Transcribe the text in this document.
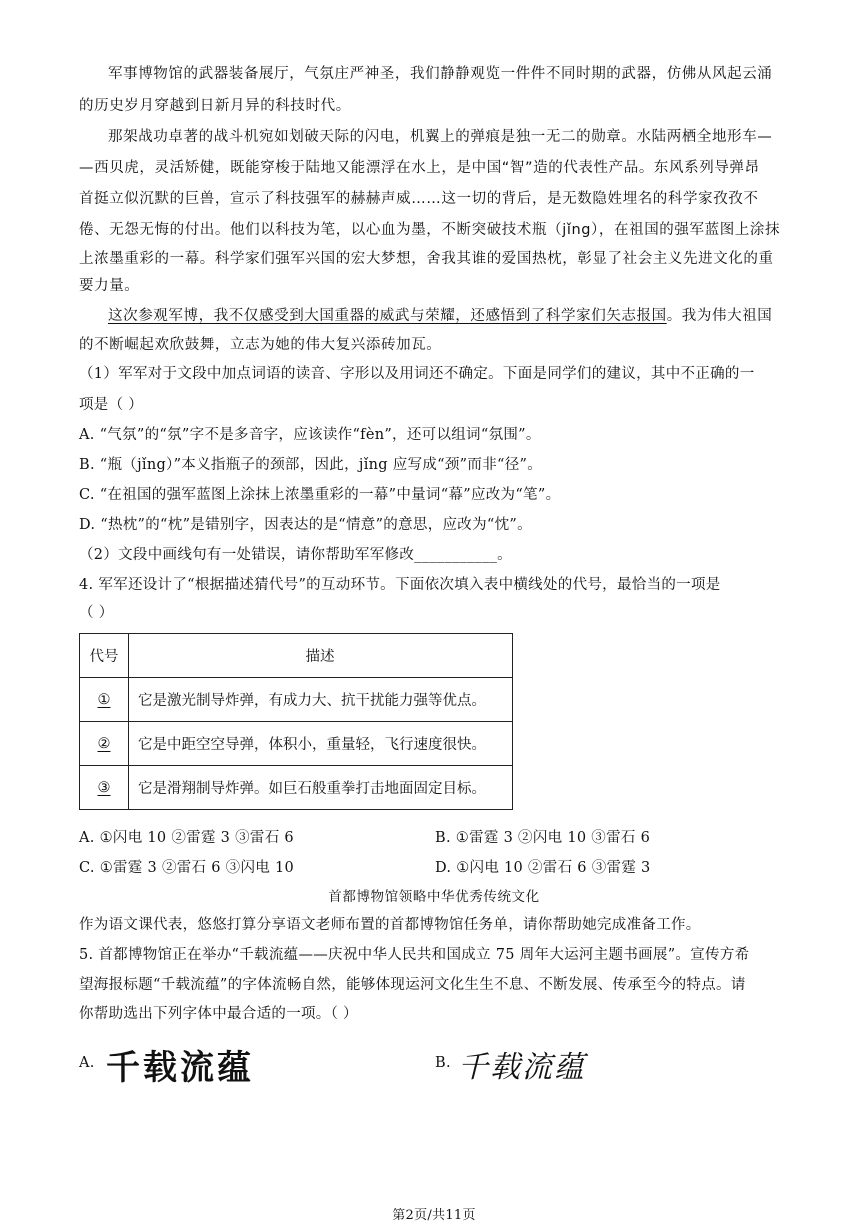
军事博物馆的武器装备展厅，气氛庄严神圣，我们静静观览一件件不同时期的武器，仿佛从风起云涌
的历史岁月穿越到日新月异的科技时代。
那架战功卓著的战斗机宛如划破天际的闪电，机翼上的弹痕是独一无二的勋章。水陆两栖全地形车—
—西贝虎，灵活矫健，既能穿梭于陆地又能漂浮在水上，是中国“智”造的代表性产品。东风系列导弹昂
首挺立似沉默的巨兽，宣示了科技强军的赫赫声威……这一切的背后，是无数隐姓埋名的科学家孜孜不
倦、无怨无悔的付出。他们以科技为笔，以心血为墨，不断突破技术瓶（jǐng），在祖国的强军蓝图上涂抹
上浓墨重彩的一幕。科学家们强军兴国的宏大梦想，舍我其谁的爱国热枕，彰显了社会主义先进文化的重
要力量。
这次参观军博，我不仅感受到大国重器的威武与荣耀，还感悟到了科学家们矢志报国。我为伟大祖国
的不断崛起欢欣鼓舞，立志为她的伟大复兴添砖加瓦。
（1）军军对于文段中加点词语的读音、字形以及用词还不确定。下面是同学们的建议，其中不正确的一
项是（ ）
A. “气氛”的“氛”字不是多音字，应该读作“fèn”，还可以组词“氛围”。
B. “瓶（jǐng）”本义指瓶子的颈部，因此，jǐng 应写成“颈”而非“径”。
C. “在祖国的强军蓝图上涂抹上浓墨重彩的一幕”中量词“幕”应改为“笔”。
D. “热枕”的“枕”是错别字，因表达的是“情意”的意思，应改为“忱”。
（2）文段中画线句有一处错误，请你帮助军军修改___________。
4. 军军还设计了“根据描述猜代号”的互动环节。下面依次填入表中横线处的代号，最恰当的一项是
（ ）
代号	描述
①	它是激光制导炸弹，有成力大、抗干扰能力强等优点。
②	它是中距空空导弹，体积小，重量轻，飞行速度很快。
③	它是滑翔制导炸弹。如巨石般重拳打击地面固定目标。
A. ①闪电 10 ②雷霆 3 ③雷石 6	B. ①雷霆 3 ②闪电 10 ③雷石 6
C. ①雷霆 3 ②雷石 6 ③闪电 10	D. ①闪电 10 ②雷石 6 ③雷霆 3
首都博物馆领略中华优秀传统文化
作为语文课代表，悠悠打算分享语文老师布置的首都博物馆任务单，请你帮助她完成准备工作。
5. 首都博物馆正在举办“千载流蕴——庆祝中华人民共和国成立 75 周年大运河主题书画展”。宣传方希
望海报标题“千载流蕴”的字体流畅自然，能够体现运河文化生生不息、不断发展、传承至今的特点。请
你帮助选出下列字体中最合适的一项。（ ）
A. 千载流蕴	B. 千载流蕴
第2页/共11页
